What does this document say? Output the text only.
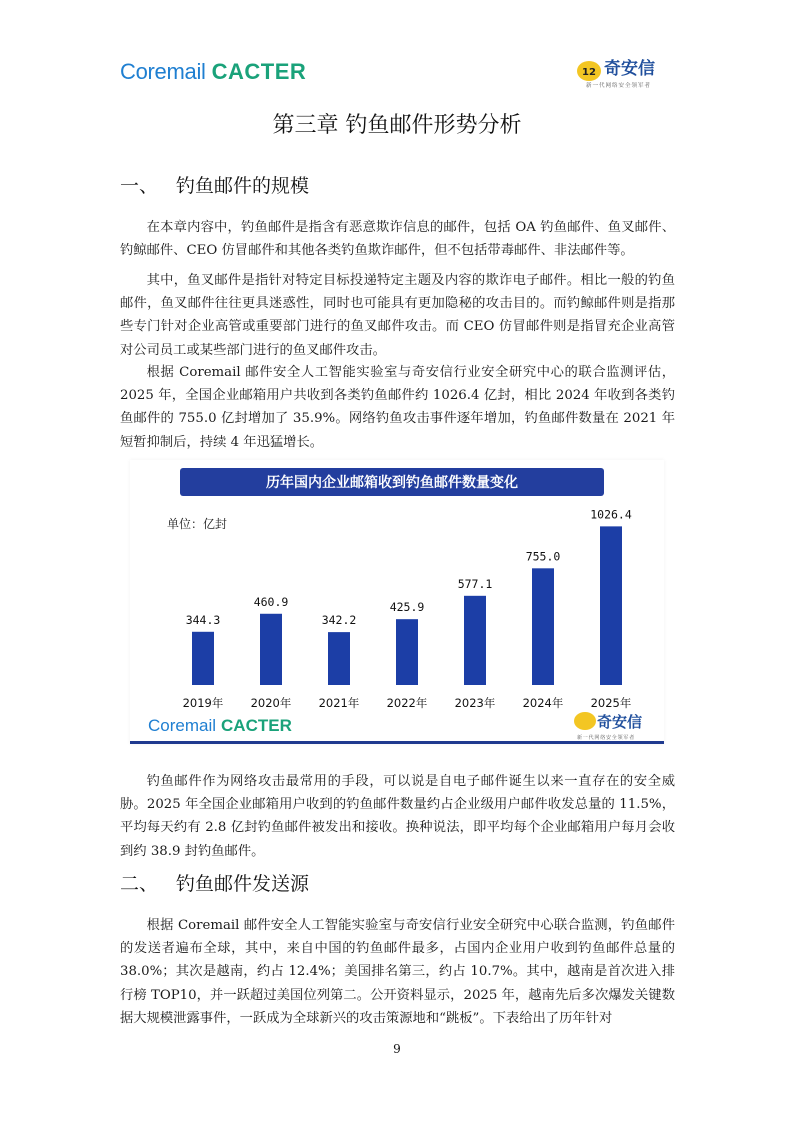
Coremail CACTER	12 奇安信
新一代网络安全领军者
第三章 钓鱼邮件形势分析
一、 钓鱼邮件的规模

在本章内容中，钓鱼邮件是指含有恶意欺诈信息的邮件，包括 OA 钓鱼邮件、鱼叉邮件、钓鲸邮件、CEO 仿冒邮件和其他各类钓鱼欺诈邮件，但不包括带毒邮件、非法邮件等。

其中，鱼叉邮件是指针对特定目标投递特定主题及内容的欺诈电子邮件。相比一般的钓鱼邮件，鱼叉邮件往往更具迷惑性，同时也可能具有更加隐秘的攻击目的。而钓鲸邮件则是指那些专门针对企业高管或重要部门进行的鱼叉邮件攻击。而 CEO 仿冒邮件则是指冒充企业高管对公司员工或某些部门进行的鱼叉邮件攻击。

根据 Coremail 邮件安全人工智能实验室与奇安信行业安全研究中心的联合监测评估，2025 年，全国企业邮箱用户共收到各类钓鱼邮件约 1026.4 亿封，相比 2024 年收到各类钓鱼邮件的 755.0 亿封增加了 35.9%。网络钓鱼攻击事件逐年增加，钓鱼邮件数量在 2021 年短暂抑制后，持续 4 年迅猛增长。

历年国内企业邮箱收到钓鱼邮件数量变化
单位：亿封
344.3
2019年
460.9
2020年
342.2
2021年
425.9
2022年
577.1
2023年
755.0
2024年
1026.4
2025年
Coremail CACTER	奇安信
新一代网络安全领军者

钓鱼邮件作为网络攻击最常用的手段，可以说是自电子邮件诞生以来一直存在的安全威胁。2025 年全国企业邮箱用户收到的钓鱼邮件数量约占企业级用户邮件收发总量的 11.5%，平均每天约有 2.8 亿封钓鱼邮件被发出和接收。换种说法，即平均每个企业邮箱用户每月会收到约 38.9 封钓鱼邮件。

二、 钓鱼邮件发送源

根据 Coremail 邮件安全人工智能实验室与奇安信行业安全研究中心联合监测，钓鱼邮件的发送者遍布全球，其中，来自中国的钓鱼邮件最多，占国内企业用户收到钓鱼邮件总量的 38.0%；其次是越南，约占 12.4%；美国排名第三，约占 10.7%。其中，越南是首次进入排行榜 TOP10，并一跃超过美国位列第二。公开资料显示，2025 年，越南先后多次爆发关键数据大规模泄露事件，一跃成为全球新兴的攻击策源地和“跳板”。下表给出了历年针对

9
